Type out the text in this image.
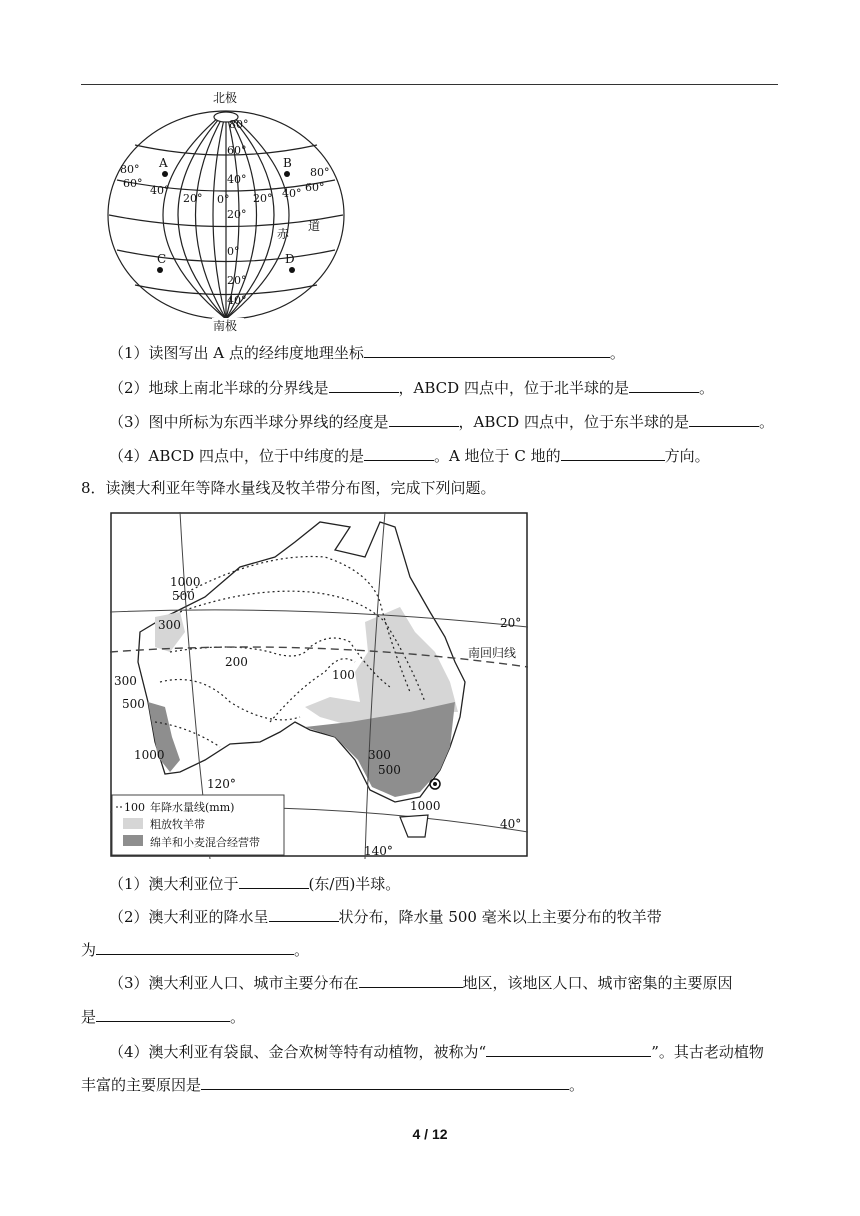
北极
南极
A	B
C	D
赤
道
80°
60°
40°
20°
0°
20°
40°
80°
60°
40°
20° 0° 20° 40° 60°
80°
（1）读图写出 A 点的经纬度地理坐标	。
（2）地球上南北半球的分界线是	，ABCD 四点中，位于北半球的是	。
（3）图中所标为东西半球分界线的经度是	，ABCD 四点中，位于东半球的是	。
（4）ABCD 四点中，位于中纬度的是	。A 地位于 C 地的	方向。
8．读澳大利亚年等降水量线及牧羊带分布图，完成下列问题。
1000
500
300
200
100
300
500
1000	300
500
1000
20°
40°
120°
140°
南回归线
100 年降水量线(mm)
粗放牧羊带
绵羊和小麦混合经营带
（1）澳大利亚位于	(东/西)半球。
（2）澳大利亚的降水呈	状分布，降水量 500 毫米以上主要分布的牧羊带
为	。
（3）澳大利亚人口、城市主要分布在	地区，该地区人口、城市密集的主要原因
是	。
（4）澳大利亚有袋鼠、金合欢树等特有动植物，被称为“	”。其古老动植物
丰富的主要原因是	。
4 / 12
